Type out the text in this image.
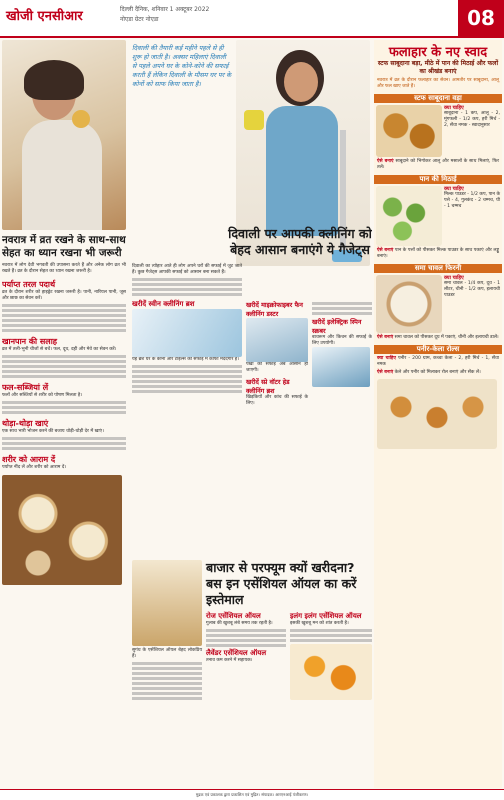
खोजी एनसीआर	दिल्ली दैनिक, शनिवार 1 अक्टूबर 2022
नोएडा ग्रेटर नोएडा	08
दिवाली की तैयारी कई महीने पहले से ही शुरू हो जाती है। अक्सर महिलाएं दिवाली से पहले अपने घर के कोने-कोने की सफाई करती हैं लेकिन दिवाली के मौसम घर पर के कोनों को साफ किया जाता है।
फलाहार के नए स्वाद
स्टफ साबूदाना बड़ा, मीठे में पान की मिठाई और फलों का श्रीखंड बनाएं
नवरात्र में व्रत के दौरान फलाहार का सेवन। आमतौर पर साबूदाना, आलू और फल खाए जाते हैं।
स्टफ साबूदाना वड़ा
क्या चाहिए
साबूदाना - 1 कप, आलू - 2, मूंगफली - 1/2 कप, हरी मिर्च - 2, सेंधा नमक - स्वादानुसार
ऐसे बनाएं साबूदाने को भिगोकर आलू और मसालों के साथ मिलाएं, फिर तलें।
पान की मिठाई
क्या चाहिए
मिल्क पाउडर - 1/2 कप, पान के पत्ते - 4, गुलकंद - 2 चम्मच, घी - 1 चम्मच
ऐसे बनाएं पान के पत्तों को पीसकर मिल्क पाउडर के साथ पकाएं और लड्डू बनाएं।
समा चावल फिरनी
क्या चाहिए
समा चावल - 1/4 कप, दूध - 1 लीटर, चीनी - 1/2 कप, इलायची पाउडर
ऐसे बनाएं समा चावल को पीसकर दूध में पकाएं, चीनी और इलायची डालें।
पनीर-केला रोल्स
क्या चाहिए पनीर - 200 ग्राम, कच्चा केला - 2, हरी मिर्च - 1, सेंधा नमक
ऐसे बनाएं केले और पनीर को मिलाकर रोल बनाएं और सेंक लें।
नवरात्र में व्रत रखने के साथ-साथ सेहत का ध्यान रखना भी जरूरी
नवरात्र में लोग देवी भगवती की उपासना करते हैं और अनेक लोग व्रत भी रखते हैं। व्रत के दौरान सेहत का ध्यान रखना जरूरी है।
पर्याप्त तरल पदार्थ
व्रत के दौरान शरीर को हाइड्रेट रखना जरूरी है। पानी, नारियल पानी, जूस और छाछ का सेवन करें।
खानपान की सलाह
व्रत में तली-भुनी चीजों से बचें। फल, दूध, दही और मेवे का सेवन करें।
फल-सब्जियां लें
फलों और सब्जियों से शरीर को पोषण मिलता है।
थोड़ा-थोड़ा खाएं
एक साथ भारी भोजन करने की बजाय थोड़ी-थोड़ी देर में खाएं।
शरीर को आराम दें
पर्याप्त नींद लें और शरीर को आराम दें।
दिवाली पर आपकी क्लीनिंग को बेहद आसान बनाएंगे ये गैजेट्स
दिवाली का त्योहार आते ही लोग अपने घरों की सफाई में जुट जाते हैं। कुछ गैजेट्स आपकी सफाई को आसान बना सकते हैं।
खरीदें स्वीन क्लीनिंग ब्रश
यह ब्रश घर के कोनों और टाइल्स की सफाई में काफी मददगार है।
खरीदें माइक्रोफाइबर फैन क्लीनिंग डस्टर
पंखों की सफाई अब आसान हो जाएगी।
खरीदें स्प्रे वॉटर हेड क्लीनिंग ब्रश
खिड़कियों और कांच की सफाई के लिए।
खरीदें इलेक्ट्रिक स्पिन स्क्रबर
बाथरूम और किचन की सफाई के लिए उपयोगी।
सुगंध के एसेंशियल ऑयल बेहद लोकप्रिय हैं।
बाजार से परफ्यूम क्यों खरीदना? बस इन एसेंशियल ऑयल का करें इस्तेमाल
रोज एसेंशियल ऑयल
गुलाब की खुशबू लंबे समय तक रहती है।
लैवेंडर एसेंशियल ऑयल
तनाव कम करने में सहायक।
इलंग इलंग एसेंशियल ऑयल
इसकी खुशबू मन को शांत करती है।
मुद्रक एवं प्रकाशक द्वारा प्रकाशित एवं मुद्रित। संपादक। आरएनआई पंजीकरण।
